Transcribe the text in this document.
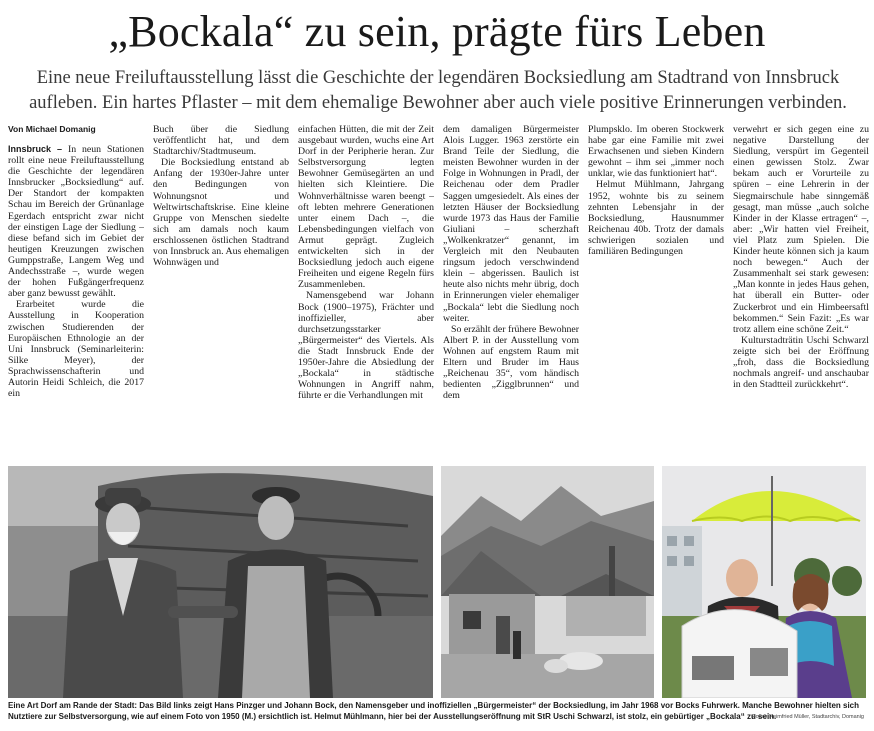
„Bockala“ zu sein, prägte fürs Leben

Eine neue Freiluftausstellung lässt die Geschichte der legendären Bocksiedlung am Stadtrand von Innsbruck aufleben. Ein hartes Pflaster – mit dem ehemalige Bewohner aber auch viele positive Erinnerungen verbinden.

Von Michael Domanig

Innsbruck – In neun Stationen rollt eine neue Freiluftausstellung die Geschichte der legendären Innsbrucker „Bocksiedlung“ auf. Der Standort der kompakten Schau im Bereich der Grünanlage Egerdach entspricht zwar nicht der einstigen Lage der Siedlung – diese befand sich im Gebiet der heutigen Kreuzungen zwischen Gumppstraße, Langem Weg und Andechsstraße –, wurde wegen der hohen Fußgängerfrequenz aber ganz bewusst gewählt.

Erarbeitet wurde die Ausstellung in Kooperation zwischen Studierenden der Europäischen Ethnologie an der Uni Innsbruck (Seminarleiterin: Silke Meyer), der Sprachwissenschafterin und Autorin Heidi Schleich, die 2017 ein

Buch über die Siedlung veröffentlicht hat, und dem Stadtarchiv/Stadtmuseum.

Die Bocksiedlung entstand ab Anfang der 1930er-Jahre unter den Bedingungen von Wohnungsnot und Weltwirtschaftskrise. Eine kleine Gruppe von Menschen siedelte sich am damals noch kaum erschlossenen östlichen Stadtrand von Innsbruck an. Aus ehemaligen Wohnwägen und

einfachen Hütten, die mit der Zeit ausgebaut wurden, wuchs eine Art Dorf in der Peripherie heran. Zur Selbstversorgung legten Bewohner Gemüsegärten an und hielten sich Kleintiere. Die Wohnverhältnisse waren beengt – oft lebten mehrere Generationen unter einem Dach –, die Lebensbedingungen vielfach von Armut geprägt. Zugleich entwickelten sich in der Bocksiedlung jedoch auch eigene Freiheiten und eigene Regeln fürs Zusammenleben.

Namensgebend war Johann Bock (1900–1975), Frächter und inoffizieller, aber durchsetzungsstarker „Bürgermeister“ des Viertels. Als die Stadt Innsbruck Ende der 1950er-Jahre die Absiedlung der „Bockala“ in städtische Wohnungen in Angriff nahm, führte er die Verhandlungen mit

dem damaligen Bürgermeister Alois Lugger. 1963 zerstörte ein Brand Teile der Siedlung, die meisten Bewohner wurden in der Folge in Wohnungen in Pradl, der Reichenau oder dem Pradler Saggen umgesiedelt. Als eines der letzten Häuser der Bocksiedlung wurde 1973 das Haus der Familie Giuliani – scherzhaft „Wolkenkratzer“ genannt, im Vergleich mit den Neubauten ringsum jedoch verschwindend klein – abgerissen. Baulich ist heute also nichts mehr übrig, doch in Erinnerungen vieler ehemaliger „Bockala“ lebt die Siedlung noch weiter.

So erzählt der frühere Bewohner Albert P. in der Ausstellung vom Wohnen auf engstem Raum mit Eltern und Bruder im Haus „Reichenau 35“, vom händisch bedienten „Zigglbrunnen“ und dem

Plumpsklo. Im oberen Stockwerk habe gar eine Familie mit zwei Erwachsenen und sieben Kindern gewohnt – ihm sei „immer noch unklar, wie das funktioniert hat“.

Helmut Mühlmann, Jahrgang 1952, wohnte bis zu seinem zehnten Lebensjahr in der Bocksiedlung, Hausnummer Reichenau 40b. Trotz der damals schwierigen sozialen und familiären Bedingungen

verwehrt er sich gegen eine zu negative Darstellung der Siedlung, verspürt im Gegenteil einen gewissen Stolz. Zwar bekam auch er Vorurteile zu spüren – eine Lehrerin in der Siegmairschule habe sinngemäß gesagt, man müsse „auch solche Kinder in der Klasse ertragen“ –, aber: „Wir hatten viel Freiheit, viel Platz zum Spielen. Die Kinder heute können sich ja kaum noch bewegen.“ Auch der Zusammenhalt sei stark gewesen: „Man konnte in jedes Haus gehen, hat überall ein Butter- oder Zuckerbrot und ein Himbeersaftl bekommen.“ Sein Fazit: „Es war trotz allem eine schöne Zeit.“

Kulturstadträtin Uschi Schwarzl zeigte sich bei der Eröffnung „froh, dass die Bocksiedlung nochmals angreif- und anschaubar in den Stadtteil zurückkehrt“.

Eine Art Dorf am Rande der Stadt: Das Bild links zeigt Hans Pinzger und Johann Bock, den Namensgeber und inoffiziellen „Bürgermeister“ der Bocksiedlung, im Jahr 1968 vor Bocks Fuhrwerk. Manche Bewohner hielten sich Nutztiere zur Selbstversorgung, wie auf einem Foto von 1950 (M.) ersichtlich ist. Helmut Mühlmann, hier bei der Ausstellungseröffnung mit StR Uschi Schwarzl, ist stolz, ein gebürtiger „Bockala“ zu sein.
Fotos: Heimfried Müller, Stadtarchiv, Domanig
